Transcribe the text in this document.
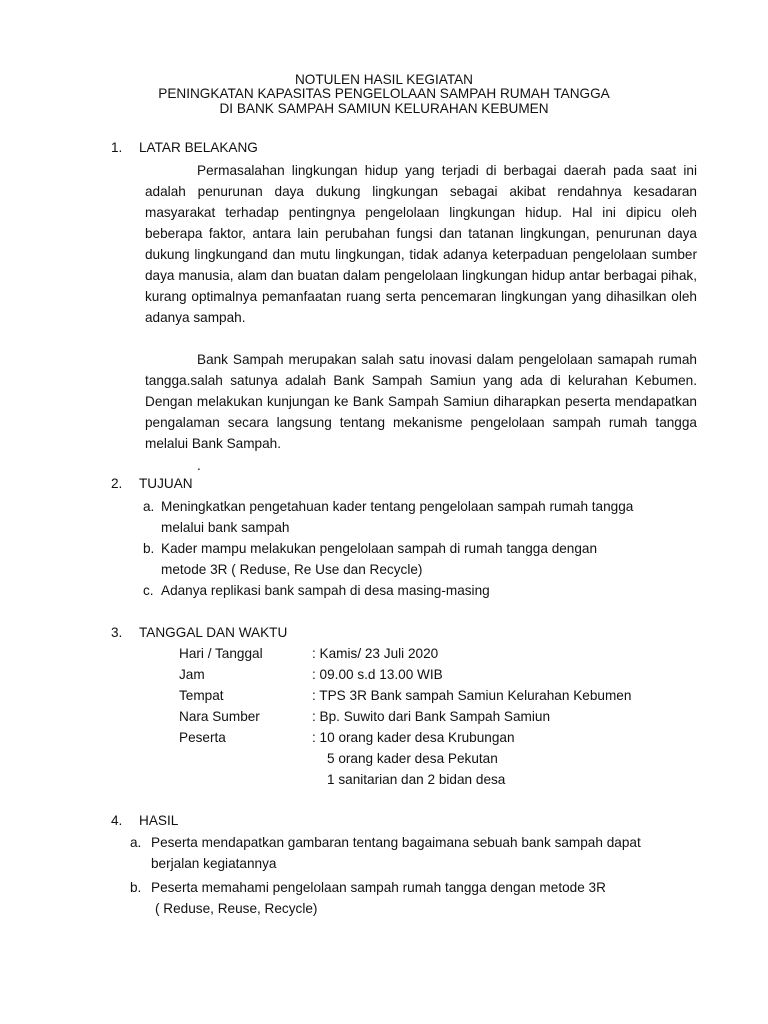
NOTULEN HASIL KEGIATAN
PENINGKATAN KAPASITAS PENGELOLAAN SAMPAH RUMAH TANGGA
DI BANK SAMPAH SAMIUN KELURAHAN KEBUMEN
1. LATAR BELAKANG

Permasalahan lingkungan hidup yang terjadi di berbagai daerah pada saat ini adalah penurunan daya dukung lingkungan sebagai akibat rendahnya kesadaran masyarakat terhadap pentingnya pengelolaan lingkungan hidup. Hal ini dipicu oleh beberapa faktor, antara lain perubahan fungsi dan tatanan lingkungan, penurunan daya dukung lingkungand dan mutu lingkungan, tidak adanya keterpaduan pengelolaan sumber daya manusia, alam dan buatan dalam pengelolaan lingkungan hidup antar berbagai pihak, kurang optimalnya pemanfaatan ruang serta pencemaran lingkungan yang dihasilkan oleh adanya sampah.

Bank Sampah merupakan salah satu inovasi dalam pengelolaan samapah rumah tangga.salah satunya adalah Bank Sampah Samiun yang ada di kelurahan Kebumen. Dengan melakukan kunjungan ke Bank Sampah Samiun diharapkan peserta mendapatkan pengalaman secara langsung tentang mekanisme pengelolaan sampah rumah tangga melalui Bank Sampah.

.
2. TUJUAN
a. Meningkatkan pengetahuan kader tentang pengelolaan sampah rumah tangga
melalui bank sampah
b. Kader mampu melakukan pengelolaan sampah di rumah tangga dengan
metode 3R ( Reduse, Re Use dan Recycle)
c. Adanya replikasi bank sampah di desa masing-masing
3. TANGGAL DAN WAKTU
Hari / Tanggal	: Kamis/ 23 Juli 2020
Jam	: 09.00 s.d 13.00 WIB
Tempat	: TPS 3R Bank sampah Samiun Kelurahan Kebumen
Nara Sumber	: Bp. Suwito dari Bank Sampah Samiun
Peserta	: 10 orang kader desa Krubungan
5 orang kader desa Pekutan
1 sanitarian dan 2 bidan desa
4. HASIL
a. Peserta mendapatkan gambaran tentang bagaimana sebuah bank sampah dapat
berjalan kegiatannya
b. Peserta memahami pengelolaan sampah rumah tangga dengan metode 3R
( Reduse, Reuse, Recycle)
